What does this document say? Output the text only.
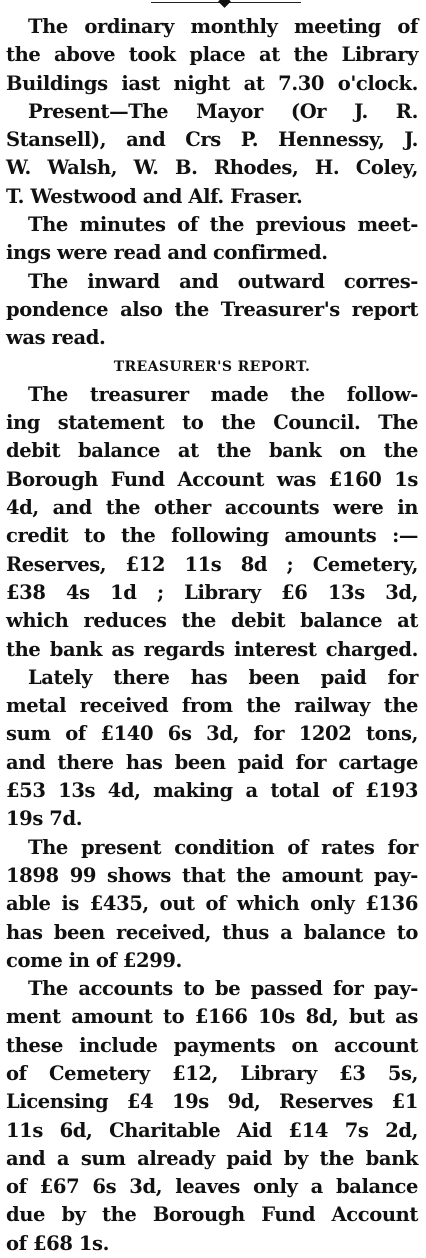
The ordinary monthly meeting of
the above took place at the Library
Buildings iast night at 7.30 o'clock.
Present—The Mayor (Or J. R.
Stansell), and Crs P. Hennessy, J.
W. Walsh, W. B. Rhodes, H. Coley,
T. Westwood and Alf. Fraser.
The minutes of the previous meet-
ings were read and confirmed.
The inward and outward corres-
pondence also the Treasurer's report
was read.
TREASURER'S REPORT.
The treasurer made the follow-
ing statement to the Council. The
debit balance at the bank on the
Borough Fund Account was £160 1s
4d, and the other accounts were in
credit to the following amounts :—
Reserves, £12 11s 8d ; Cemetery,
£38 4s 1d ; Library £6 13s 3d,
which reduces the debit balance at
the bank as regards interest charged.
Lately there has been paid for
metal received from the railway the
sum of £140 6s 3d, for 1202 tons,
and there has been paid for cartage
£53 13s 4d, making a total of £193
19s 7d.
The present condition of rates for
1898 99 shows that the amount pay-
able is £435, out of which only £136
has been received, thus a balance to
come in of £299.
The accounts to be passed for pay-
ment amount to £166 10s 8d, but as
these include payments on account
of Cemetery £12, Library £3 5s,
Licensing £4 19s 9d, Reserves £1
11s 6d, Charitable Aid £14 7s 2d,
and a sum already paid by the bank
of £67 6s 3d, leaves only a balance
due by the Borough Fund Account
of £68 1s.
